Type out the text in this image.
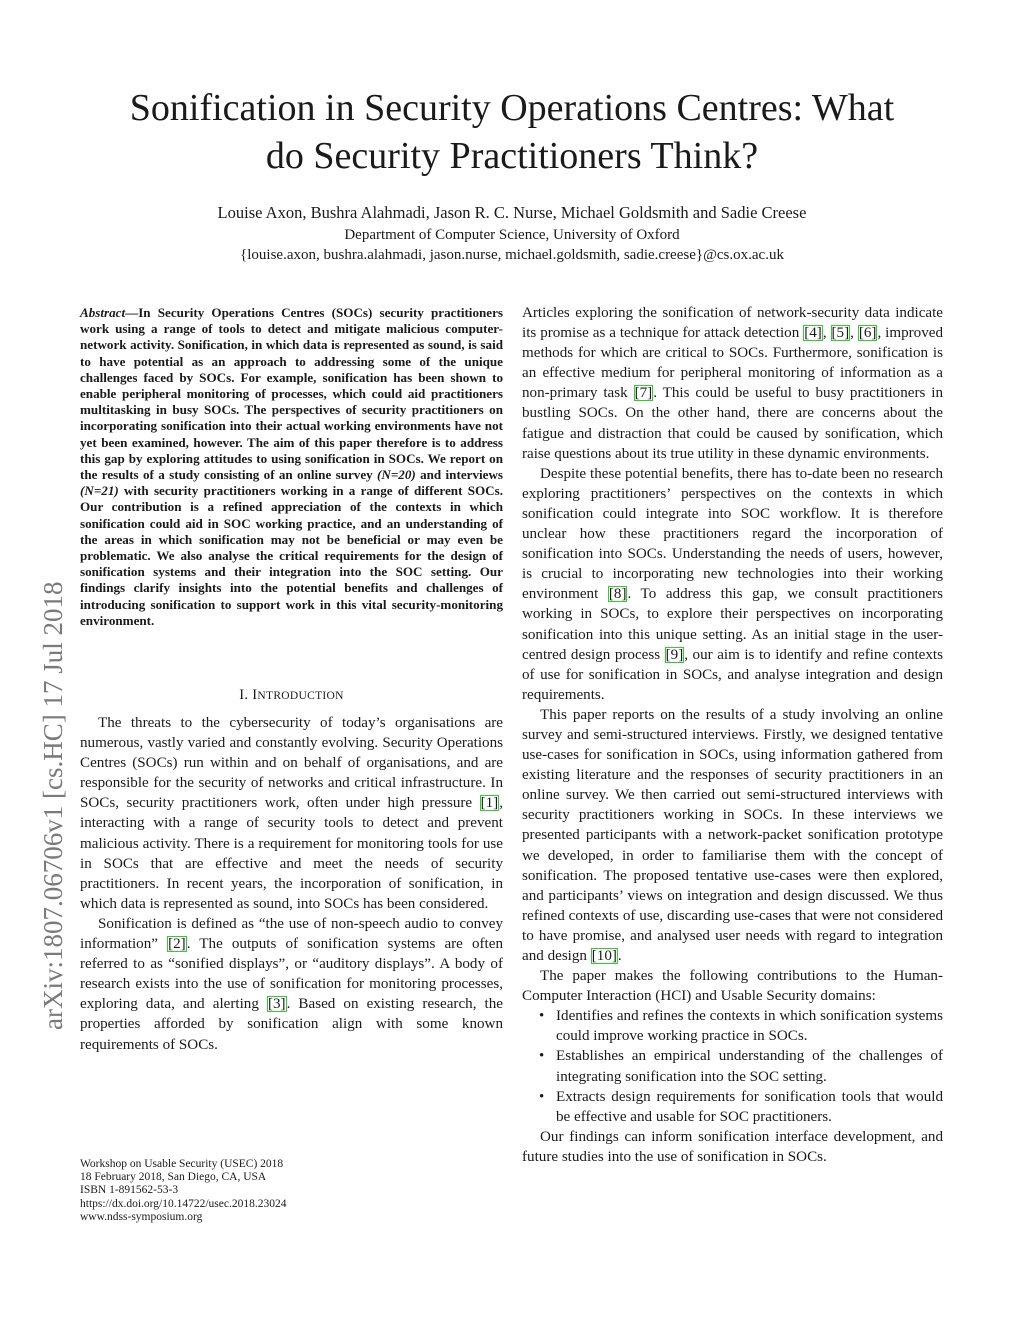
Sonification in Security Operations Centres: What
do Security Practitioners Think?
Louise Axon, Bushra Alahmadi, Jason R. C. Nurse, Michael Goldsmith and Sadie Creese
Department of Computer Science, University of Oxford
{louise.axon, bushra.alahmadi, jason.nurse, michael.goldsmith, sadie.creese}@cs.ox.ac.uk
arXiv:1807.06706v1 [cs.HC] 17 Jul 2018
Abstract—In Security Operations Centres (SOCs) security practitioners work using a range of tools to detect and mitigate malicious computer-network activity. Sonification, in which data is represented as sound, is said to have potential as an approach to addressing some of the unique challenges faced by SOCs. For example, sonification has been shown to enable peripheral monitoring of processes, which could aid practitioners multitasking in busy SOCs. The perspectives of security practitioners on incorporating sonification into their actual working environments have not yet been examined, however. The aim of this paper therefore is to address this gap by exploring attitudes to using sonification in SOCs. We report on the results of a study consisting of an online survey (N=20) and interviews (N=21) with security practitioners working in a range of different SOCs. Our contribution is a refined appreciation of the contexts in which sonification could aid in SOC working practice, and an understanding of the areas in which sonification may not be beneficial or may even be problematic. We also analyse the critical requirements for the design of sonification systems and their integration into the SOC setting. Our findings clarify insights into the potential benefits and challenges of introducing sonification to support work in this vital security-monitoring environment.
I. INTRODUCTION

The threats to the cybersecurity of today’s organisations are numerous, vastly varied and constantly evolving. Security Operations Centres (SOCs) run within and on behalf of organisations, and are responsible for the security of networks and critical infrastructure. In SOCs, security practitioners work, often under high pressure [1], interacting with a range of security tools to detect and prevent malicious activity. There is a requirement for monitoring tools for use in SOCs that are effective and meet the needs of security practitioners. In recent years, the incorporation of sonification, in which data is represented as sound, into SOCs has been considered.

Sonification is defined as “the use of non-speech audio to convey information” [2]. The outputs of sonification systems are often referred to as “sonified displays”, or “auditory displays”. A body of research exists into the use of sonification for monitoring processes, exploring data, and alerting [3]. Based on existing research, the properties afforded by sonification align with some known requirements of SOCs.

Workshop on Usable Security (USEC) 2018
18 February 2018, San Diego, CA, USA
ISBN 1-891562-53-3
https://dx.doi.org/10.14722/usec.2018.23024
www.ndss-symposium.org

Articles exploring the sonification of network-security data indicate its promise as a technique for attack detection [4], [5], [6], improved methods for which are critical to SOCs. Furthermore, sonification is an effective medium for peripheral monitoring of information as a non-primary task [7]. This could be useful to busy practitioners in bustling SOCs. On the other hand, there are concerns about the fatigue and distraction that could be caused by sonification, which raise questions about its true utility in these dynamic environments.

Despite these potential benefits, there has to-date been no research exploring practitioners’ perspectives on the contexts in which sonification could integrate into SOC workflow. It is therefore unclear how these practitioners regard the incorporation of sonification into SOCs. Understanding the needs of users, however, is crucial to incorporating new technologies into their working environment [8]. To address this gap, we consult practitioners working in SOCs, to explore their perspectives on incorporating sonification into this unique setting. As an initial stage in the user-centred design process [9], our aim is to identify and refine contexts of use for sonification in SOCs, and analyse integration and design requirements.

This paper reports on the results of a study involving an online survey and semi-structured interviews. Firstly, we designed tentative use-cases for sonification in SOCs, using information gathered from existing literature and the responses of security practitioners in an online survey. We then carried out semi-structured interviews with security practitioners working in SOCs. In these interviews we presented participants with a network-packet sonification prototype we developed, in order to familiarise them with the concept of sonification. The proposed tentative use-cases were then explored, and participants’ views on integration and design discussed. We thus refined contexts of use, discarding use-cases that were not considered to have promise, and analysed user needs with regard to integration and design [10].

The paper makes the following contributions to the Human-Computer Interaction (HCI) and Usable Security domains:

• Identifies and refines the contexts in which sonification systems could improve working practice in SOCs.
• Establishes an empirical understanding of the challenges of integrating sonification into the SOC setting.
• Extracts design requirements for sonification tools that would be effective and usable for SOC practitioners.

Our findings can inform sonification interface development, and future studies into the use of sonification in SOCs.
